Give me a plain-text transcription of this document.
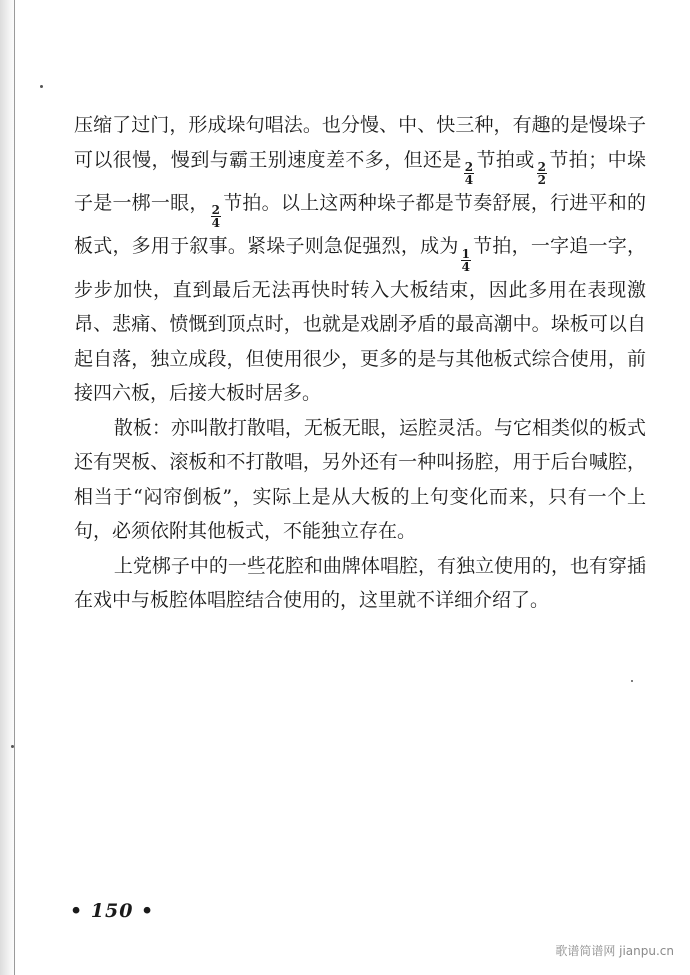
压缩了过门，形成垛句唱法。也分慢、中、快三种，有趣的是慢垛子可以很慢，慢到与霸王别速度差不多，但还是
$\frac{2}{4}$
节拍或
$\frac{2}{2}$
节拍；中垛子是一梆一眼，
$\frac{2}{4}$
节拍。以上这两种垛子都是节奏舒展，行进平和的板式，多用于叙事。紧垛子则急促强烈，成为
$\frac{1}{4}$
节拍，一字追一字，步步加快，直到最后无法再快时转入大板结束，因此多用在表现激昂、悲痛、愤慨到顶点时，也就是戏剧矛盾的最高潮中。垛板可以自起自落，独立成段，但使用很少，更多的是与其他板式综合使用，前接四六板，后接大板时居多。

散板：亦叫散打散唱，无板无眼，运腔灵活。与它相类似的板式还有哭板、滚板和不打散唱，另外还有一种叫扬腔，用于后台喊腔，相当于“闷帘倒板”，实际上是从大板的上句变化而来，只有一个上句，必须依附其他板式，不能独立存在。

上党梆子中的一些花腔和曲牌体唱腔，有独立使用的，也有穿插在戏中与板腔体唱腔结合使用的，这里就不详细介绍了。

• 150 •
歌谱简谱网 jianpu.cn
